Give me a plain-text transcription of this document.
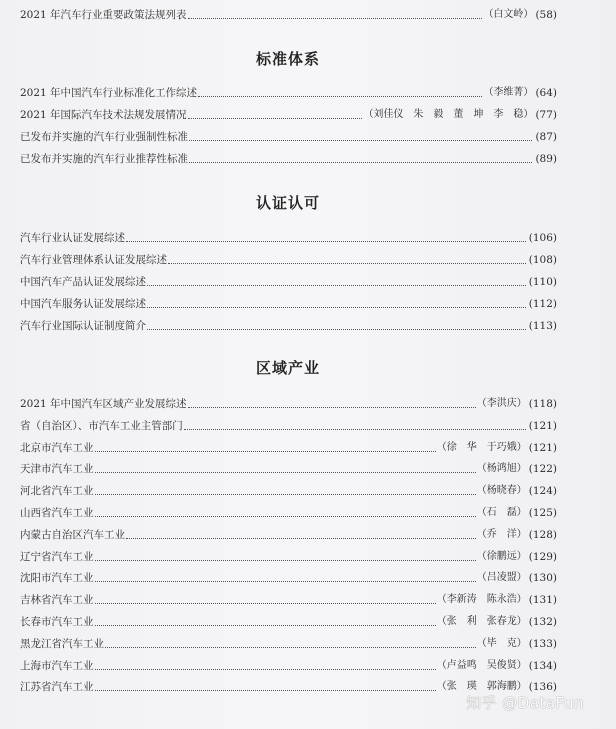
2021 年汽车行业重要政策法规列表	（白文岭） (58)
标准体系
2021 年中国汽车行业标准化工作综述	（李维菁） (64)
2021 年国际汽车技术法规发展情况	（刘佳仪　朱　毅　董　坤　李　稳） (77)
已发布并实施的汽车行业强制性标准	(87)
已发布并实施的汽车行业推荐性标准	(89)
认证认可
汽车行业认证发展综述	(106)
汽车行业管理体系认证发展综述	(108)
中国汽车产品认证发展综述	(110)
中国汽车服务认证发展综述	(112)
汽车行业国际认证制度简介	(113)
区域产业
2021 年中国汽车区域产业发展综述	（李洪庆） (118)
省（自治区）、市汽车工业主管部门	(121)
北京市汽车工业	（徐　华　于巧娥） (121)
天津市汽车工业	（杨鸿旭） (122)
河北省汽车工业	（杨晓春） (124)
山西省汽车工业	（石　磊） (125)
内蒙古自治区汽车工业	（乔　洋） (128)
辽宁省汽车工业	（徐鹏远） (129)
沈阳市汽车工业	（吕凌盟） (130)
吉林省汽车工业	（李新涛　陈永浩） (131)
长春市汽车工业	（张　利　张春龙） (132)
黑龙江省汽车工业	（毕　克） (133)
上海市汽车工业	（卢益鸣　吴俊贤） (134)
江苏省汽车工业	（张　瑛　郭海鹏） (136)
知乎 @DataFun
